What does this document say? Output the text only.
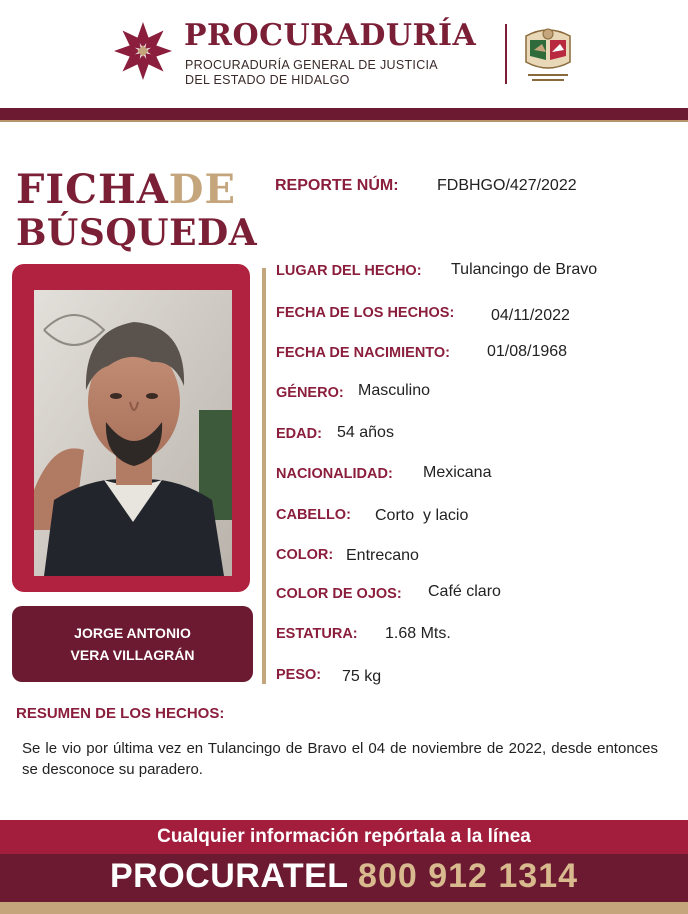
PROCURADURÍA
PROCURADURÍA GENERAL DE JUSTICIA
DEL ESTADO DE HIDALGO
FICHADE
BÚSQUEDA
REPORTE NÚM: FDBHGO/427/2022
JORGE ANTONIO
VERA VILLAGRÁN
LUGAR DEL HECHO: Tulancingo de Bravo
FECHA DE LOS HECHOS: 04/11/2022
FECHA DE NACIMIENTO: 01/08/1968
GÉNERO: Masculino
EDAD: 54 años
NACIONALIDAD: Mexicana
CABELLO: Corto  y lacio
COLOR: Entrecano
COLOR DE OJOS: Café claro
ESTATURA: 1.68 Mts.
PESO: 75 kg
RESUMEN DE LOS HECHOS:
Se le vio por última vez en Tulancingo de Bravo el 04 de noviembre de 2022, desde entonces se desconoce su paradero.
Cualquier información repórtala a la línea
PROCURATEL 800 912 1314
